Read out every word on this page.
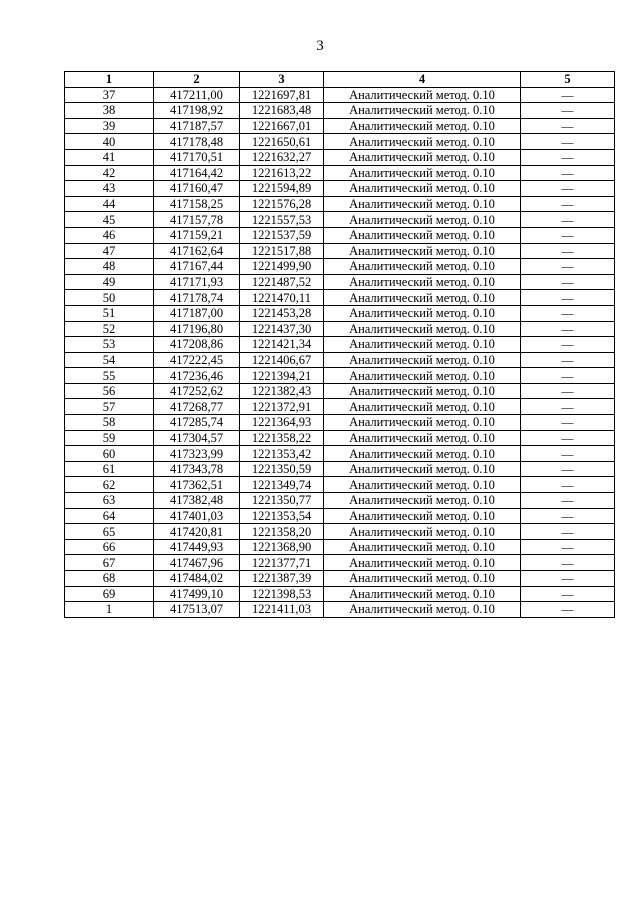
3
1	2	3	4	5
37	417211,00	1221697,81	Аналитический метод. 0.10	—
38	417198,92	1221683,48	Аналитический метод. 0.10	—
39	417187,57	1221667,01	Аналитический метод. 0.10	—
40	417178,48	1221650,61	Аналитический метод. 0.10	—
41	417170,51	1221632,27	Аналитический метод. 0.10	—
42	417164,42	1221613,22	Аналитический метод. 0.10	—
43	417160,47	1221594,89	Аналитический метод. 0.10	—
44	417158,25	1221576,28	Аналитический метод. 0.10	—
45	417157,78	1221557,53	Аналитический метод. 0.10	—
46	417159,21	1221537,59	Аналитический метод. 0.10	—
47	417162,64	1221517,88	Аналитический метод. 0.10	—
48	417167,44	1221499,90	Аналитический метод. 0.10	—
49	417171,93	1221487,52	Аналитический метод. 0.10	—
50	417178,74	1221470,11	Аналитический метод. 0.10	—
51	417187,00	1221453,28	Аналитический метод. 0.10	—
52	417196,80	1221437,30	Аналитический метод. 0.10	—
53	417208,86	1221421,34	Аналитический метод. 0.10	—
54	417222,45	1221406,67	Аналитический метод. 0.10	—
55	417236,46	1221394,21	Аналитический метод. 0.10	—
56	417252,62	1221382,43	Аналитический метод. 0.10	—
57	417268,77	1221372,91	Аналитический метод. 0.10	—
58	417285,74	1221364,93	Аналитический метод. 0.10	—
59	417304,57	1221358,22	Аналитический метод. 0.10	—
60	417323,99	1221353,42	Аналитический метод. 0.10	—
61	417343,78	1221350,59	Аналитический метод. 0.10	—
62	417362,51	1221349,74	Аналитический метод. 0.10	—
63	417382,48	1221350,77	Аналитический метод. 0.10	—
64	417401,03	1221353,54	Аналитический метод. 0.10	—
65	417420,81	1221358,20	Аналитический метод. 0.10	—
66	417449,93	1221368,90	Аналитический метод. 0.10	—
67	417467,96	1221377,71	Аналитический метод. 0.10	—
68	417484,02	1221387,39	Аналитический метод. 0.10	—
69	417499,10	1221398,53	Аналитический метод. 0.10	—
1	417513,07	1221411,03	Аналитический метод. 0.10	—
